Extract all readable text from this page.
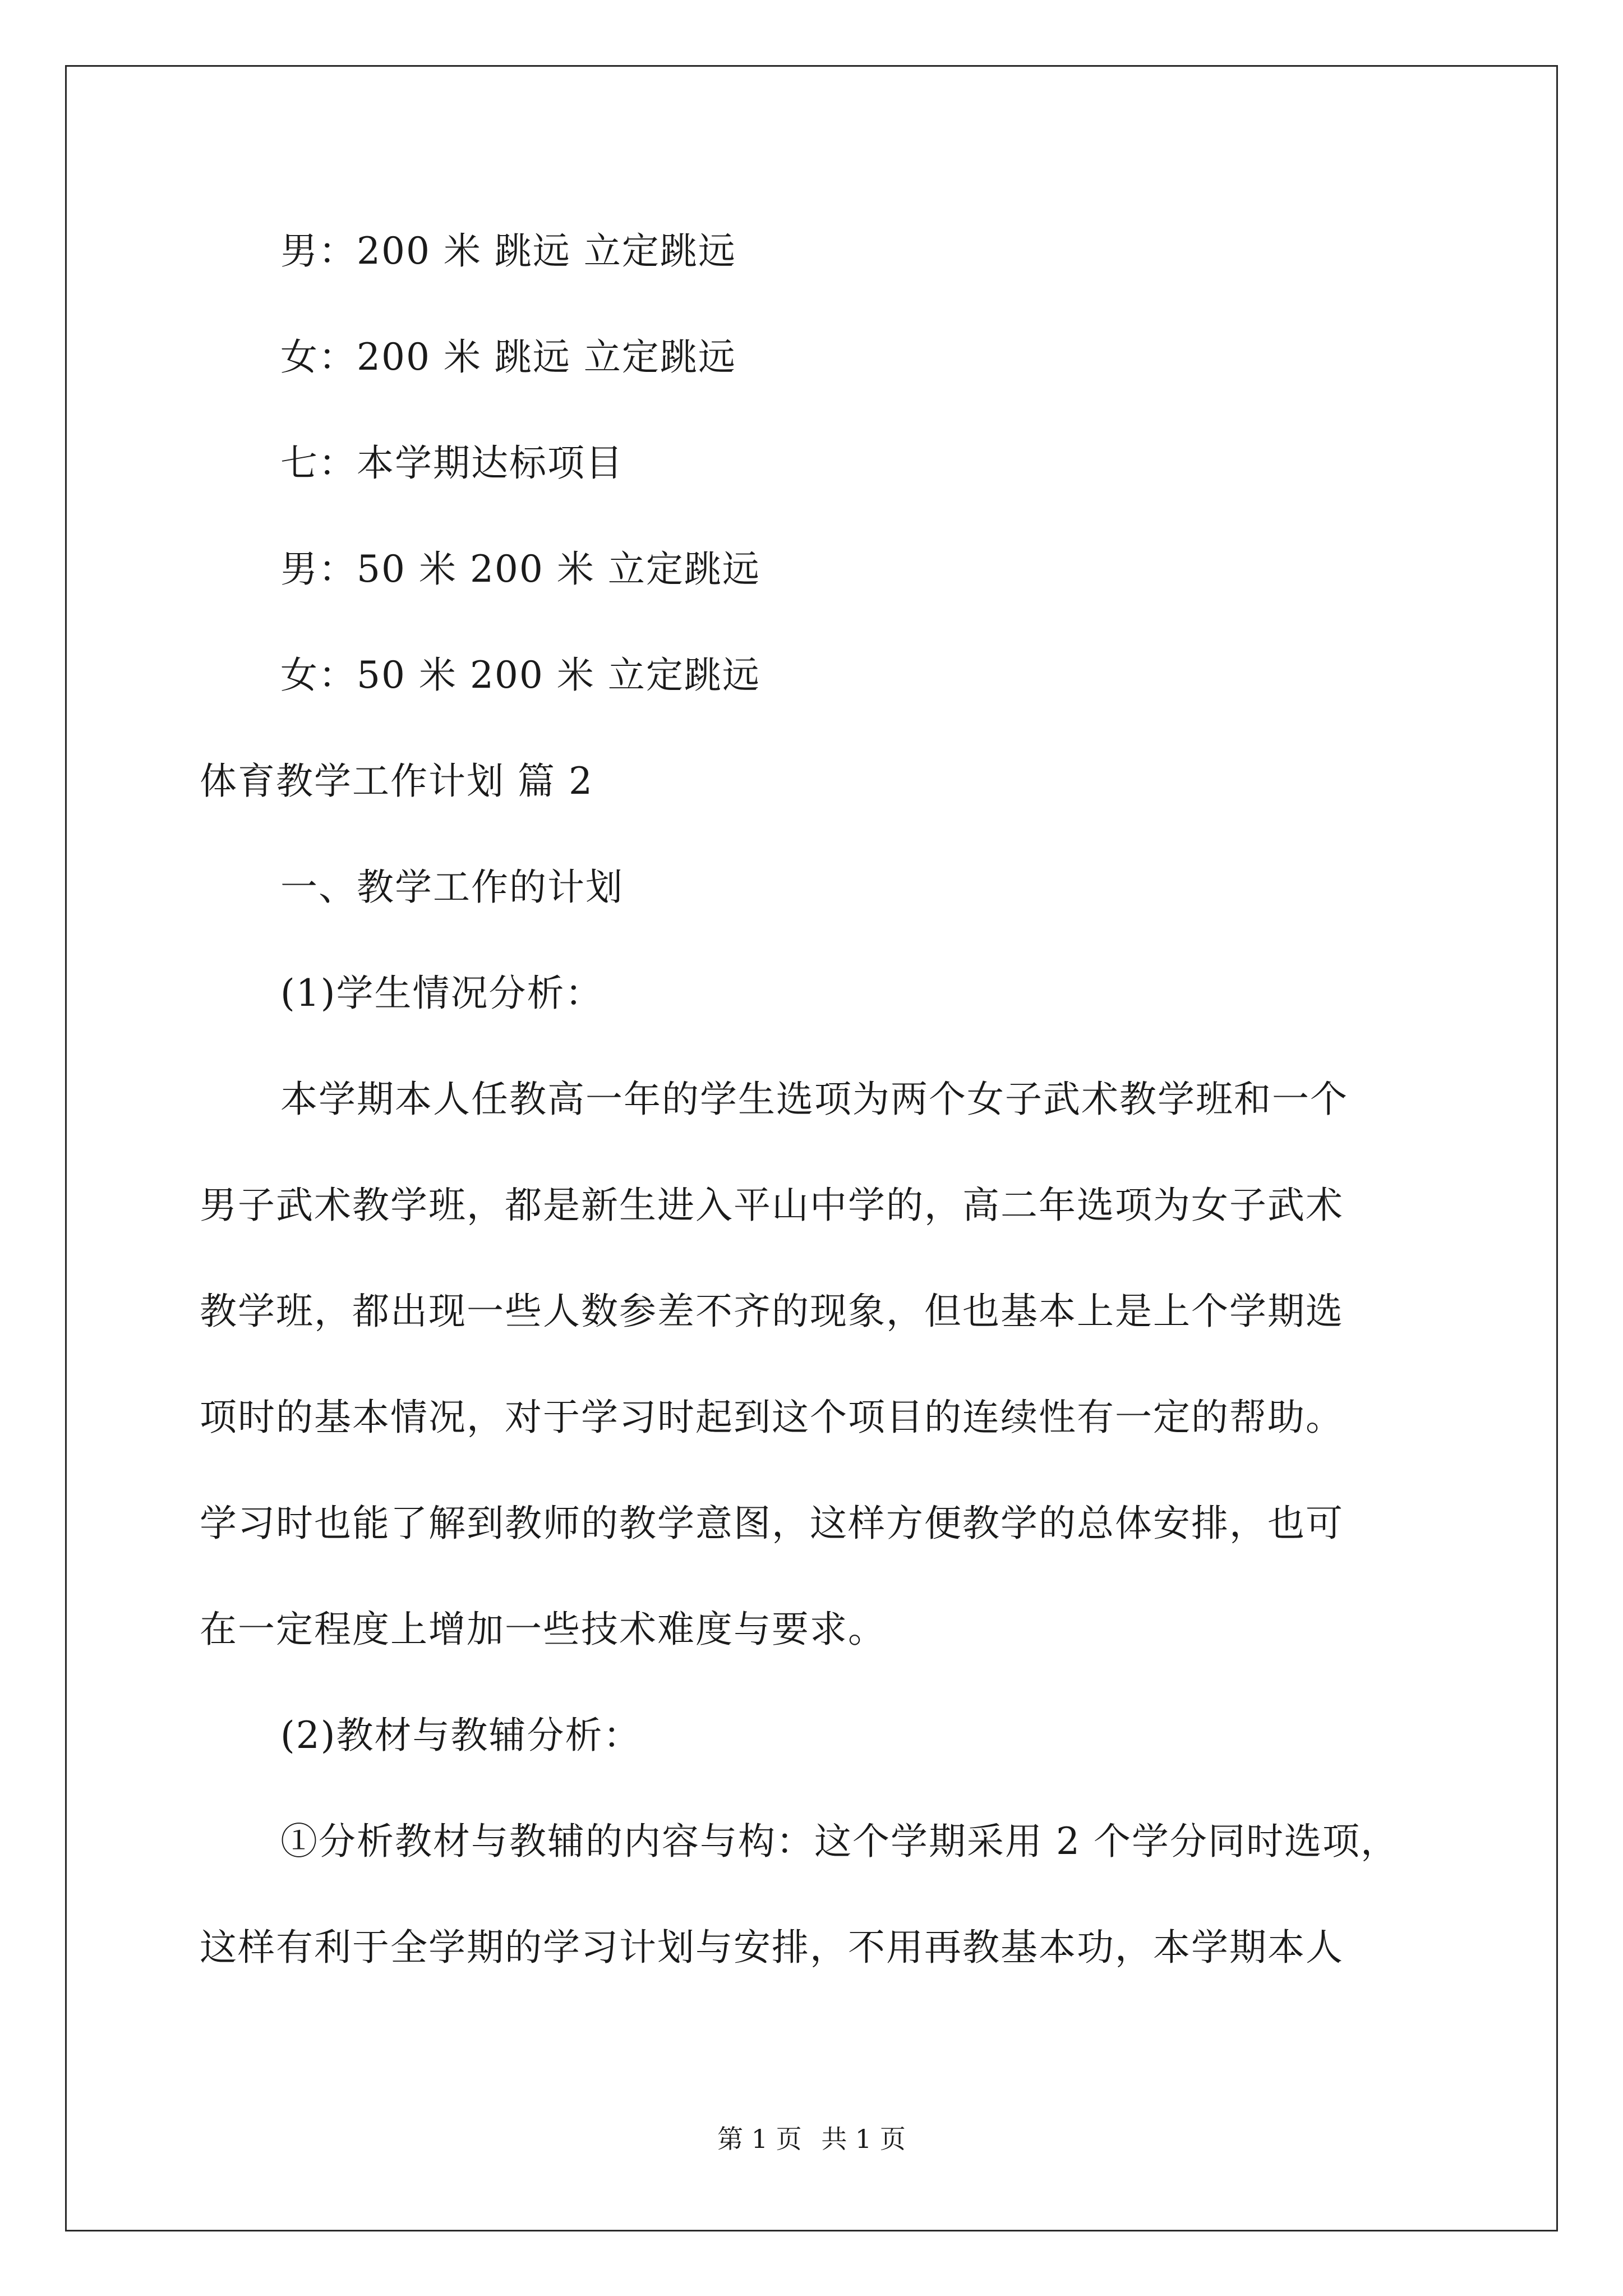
男：200 米 跳远 立定跳远
女：200 米 跳远 立定跳远
七：本学期达标项目
男：50 米 200 米 立定跳远
女：50 米 200 米 立定跳远
体育教学工作计划 篇 2
一、教学工作的计划
(1)学生情况分析：
本学期本人任教高一年的学生选项为两个女子武术教学班和一个
男子武术教学班，都是新生进入平山中学的，高二年选项为女子武术
教学班，都出现一些人数参差不齐的现象，但也基本上是上个学期选
项时的基本情况，对于学习时起到这个项目的连续性有一定的帮助。
学习时也能了解到教师的教学意图，这样方便教学的总体安排，也可
在一定程度上增加一些技术难度与要求。
(2)教材与教辅分析：
①分析教材与教辅的内容与构：这个学期采用 2 个学分同时选项，
这样有利于全学期的学习计划与安排，不用再教基本功，本学期本人
第 1 页 共 1 页
